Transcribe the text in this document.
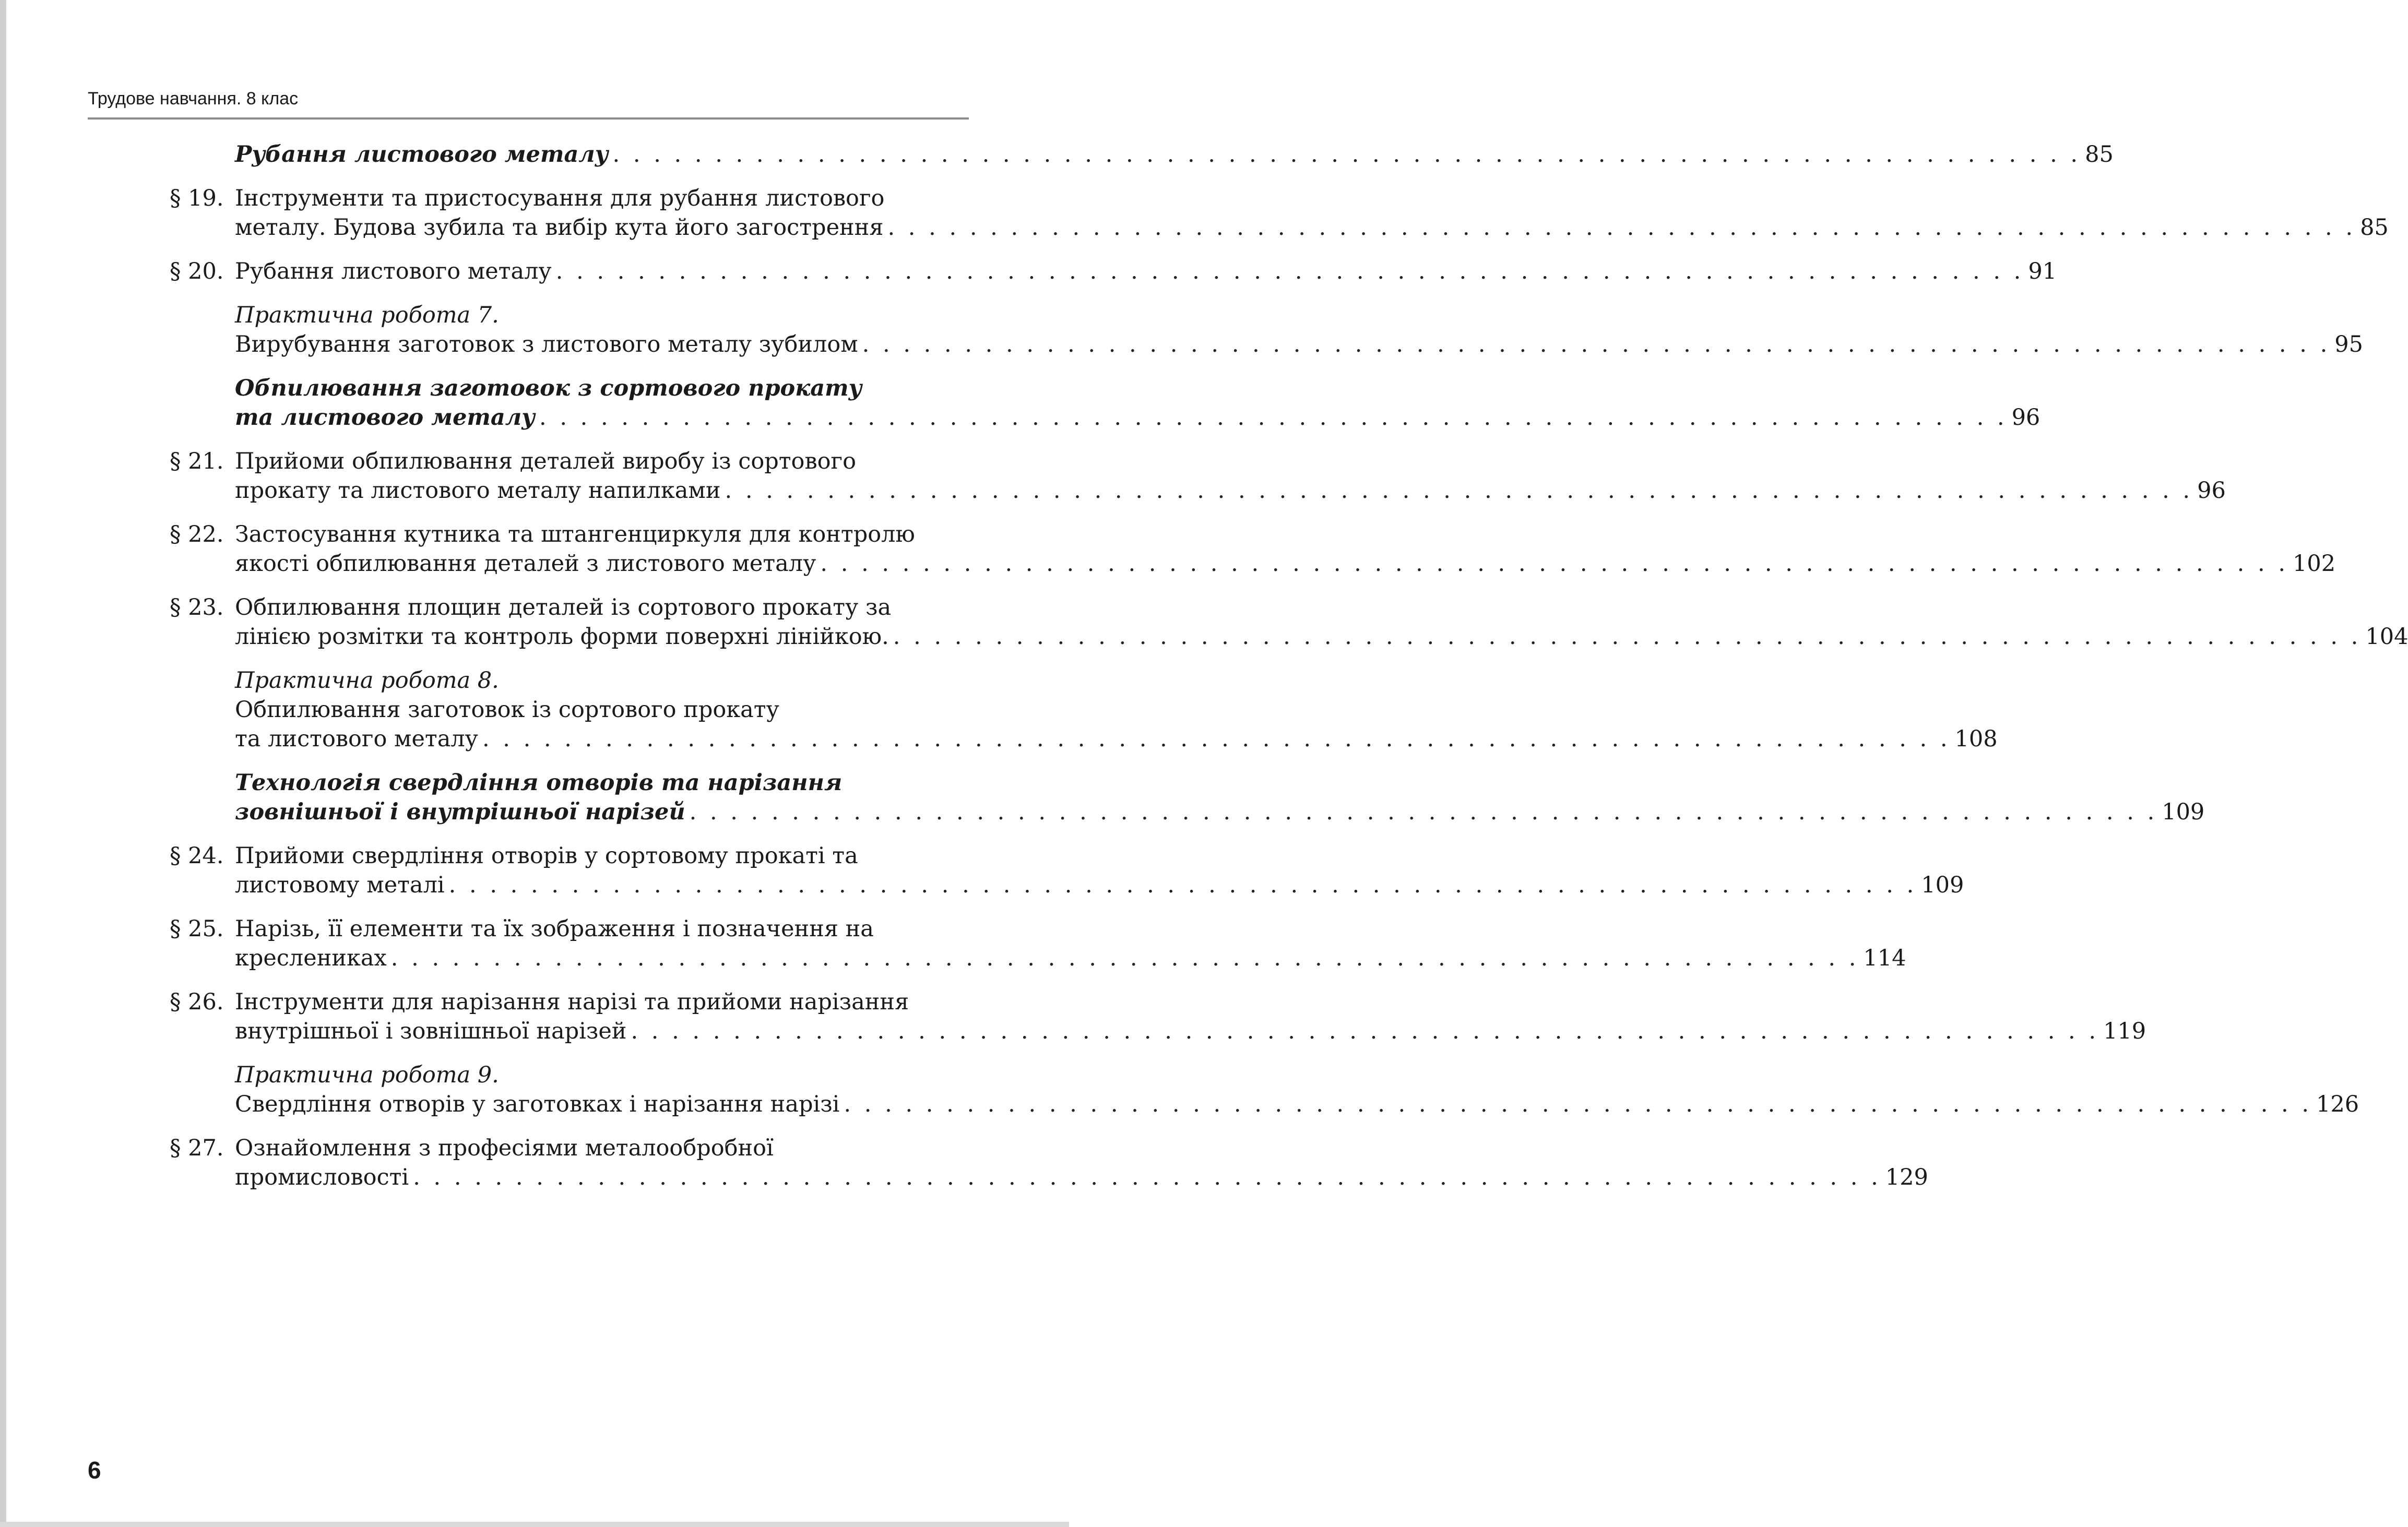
Трудове навчання. 8 клас
Рубання листового металу . . . . . . . . . . . . . . . . . . . . . . . . . . . . . . . . . . . . . . . . . . . . . . . . . . . . . . . . . . . . . . . . . . . . . . . . 85
§ 19. Інструменти та пристосування для рубання листового
металу. Будова зубила та вибір кута його загострення . . . . . . . . . . . . . . . . . . . . . . . . . . . . . . . . . . . . . . . . . . . . . . . . . . . . . . . . . . . . . . . . . . . . . . . . 85
§ 20. Рубання листового металу . . . . . . . . . . . . . . . . . . . . . . . . . . . . . . . . . . . . . . . . . . . . . . . . . . . . . . . . . . . . . . . . . . . . . . . . 91
Практична робота 7.
Вирубування заготовок з листового металу зубилом . . . . . . . . . . . . . . . . . . . . . . . . . . . . . . . . . . . . . . . . . . . . . . . . . . . . . . . . . . . . . . . . . . . . . . . . 95
Обпилювання заготовок з сортового прокату
та листового металу . . . . . . . . . . . . . . . . . . . . . . . . . . . . . . . . . . . . . . . . . . . . . . . . . . . . . . . . . . . . . . . . . . . . . . . . 96
§ 21. Прийоми обпилювання деталей виробу із сортового
прокату та листового металу напилками . . . . . . . . . . . . . . . . . . . . . . . . . . . . . . . . . . . . . . . . . . . . . . . . . . . . . . . . . . . . . . . . . . . . . . . . 96
§ 22. Застосування кутника та штангенциркуля для контролю
якості обпилювання деталей з листового металу . . . . . . . . . . . . . . . . . . . . . . . . . . . . . . . . . . . . . . . . . . . . . . . . . . . . . . . . . . . . . . . . . . . . . . . . 102
§ 23. Обпилювання площин деталей із сортового прокату за
лінією розмітки та контроль форми поверхні лінійкою. . . . . . . . . . . . . . . . . . . . . . . . . . . . . . . . . . . . . . . . . . . . . . . . . . . . . . . . . . . . . . . . . . . . . . . . . 104
Практична робота 8.
Обпилювання заготовок із сортового прокату
та листового металу . . . . . . . . . . . . . . . . . . . . . . . . . . . . . . . . . . . . . . . . . . . . . . . . . . . . . . . . . . . . . . . . . . . . . . . . 108
Технологія свердління отворів та нарізання
зовнішньої і внутрішньої нарізей . . . . . . . . . . . . . . . . . . . . . . . . . . . . . . . . . . . . . . . . . . . . . . . . . . . . . . . . . . . . . . . . . . . . . . . . 109
§ 24. Прийоми свердління отворів у сортовому прокаті та
листовому металі . . . . . . . . . . . . . . . . . . . . . . . . . . . . . . . . . . . . . . . . . . . . . . . . . . . . . . . . . . . . . . . . . . . . . . . . 109
§ 25. Нарізь, її елементи та їх зображення і позначення на
креслениках . . . . . . . . . . . . . . . . . . . . . . . . . . . . . . . . . . . . . . . . . . . . . . . . . . . . . . . . . . . . . . . . . . . . . . . . 114
§ 26. Інструменти для нарізання нарізі та прийоми нарізання
внутрішньої і зовнішньої нарізей . . . . . . . . . . . . . . . . . . . . . . . . . . . . . . . . . . . . . . . . . . . . . . . . . . . . . . . . . . . . . . . . . . . . . . . . 119
Практична робота 9.
Свердління отворів у заготовках і нарізання нарізі . . . . . . . . . . . . . . . . . . . . . . . . . . . . . . . . . . . . . . . . . . . . . . . . . . . . . . . . . . . . . . . . . . . . . . . . 126
§ 27. Ознайомлення з професіями металообробної
промисловості . . . . . . . . . . . . . . . . . . . . . . . . . . . . . . . . . . . . . . . . . . . . . . . . . . . . . . . . . . . . . . . . . . . . . . . . 129
6
